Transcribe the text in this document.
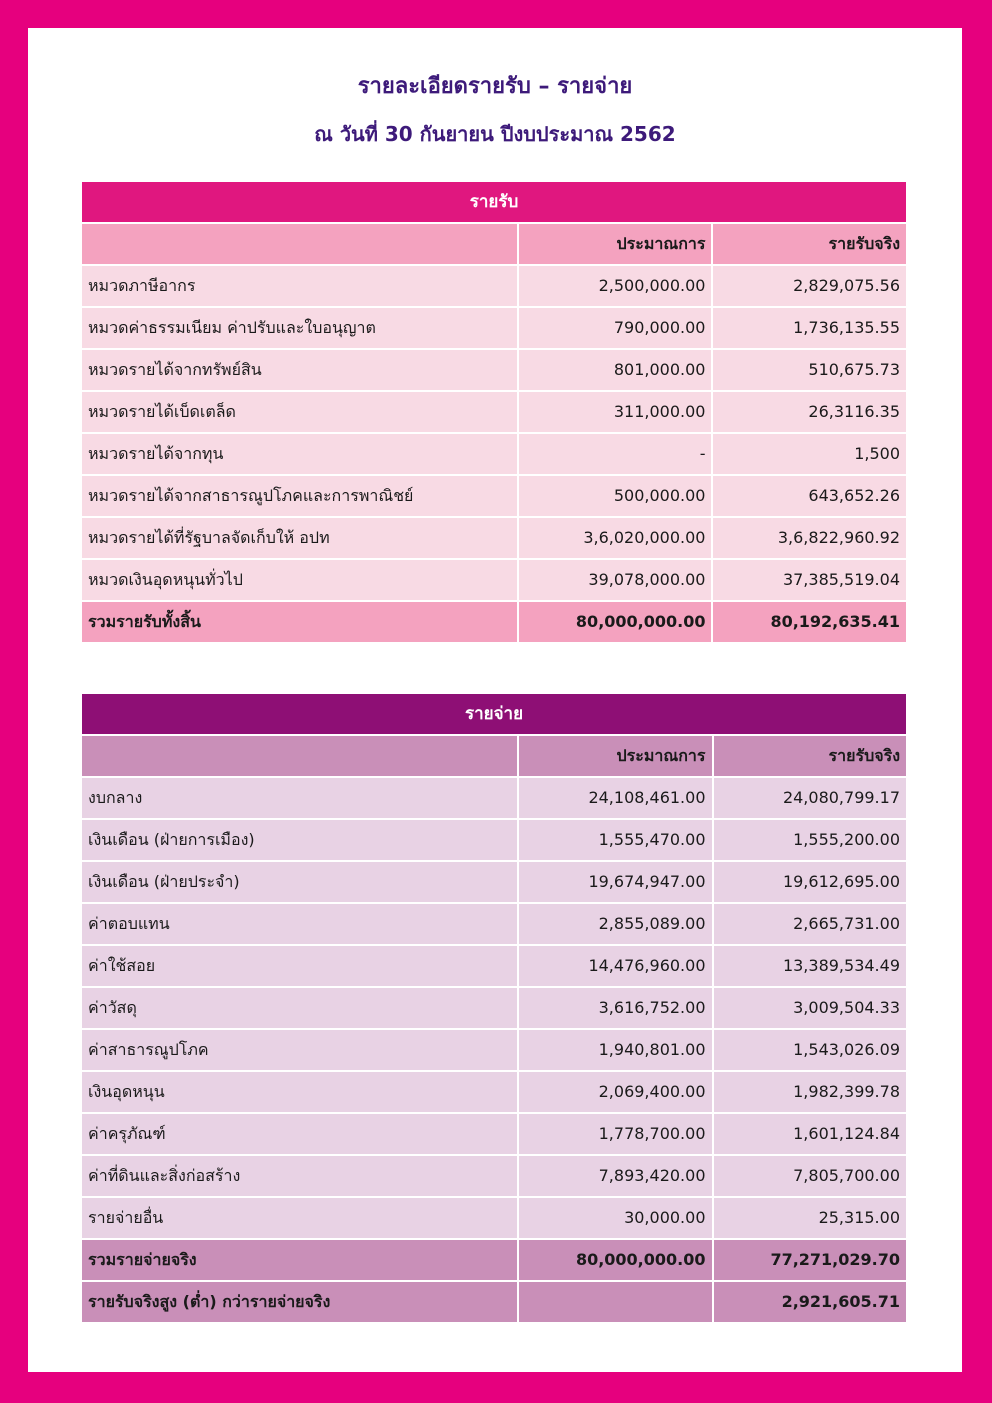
รายละเอียดรายรับ – รายจ่าย
ณ วันที่ 30 กันยายน ปีงบประมาณ 2562
รายรับ		
	ประมาณการ	รายรับจริง
หมวดภาษีอากร	2,500,000.00	2,829,075.56
หมวดค่าธรรมเนียม ค่าปรับและใบอนุญาต	790,000.00	1,736,135.55
หมวดรายได้จากทรัพย์สิน	801,000.00	510,675.73
หมวดรายได้เบ็ดเตล็ด	311,000.00	26,3116.35
หมวดรายได้จากทุน	-	1,500
หมวดรายได้จากสาธารณูปโภคและการพาณิชย์	500,000.00	643,652.26
หมวดรายได้ที่รัฐบาลจัดเก็บให้ อปท	3,6,020,000.00	3,6,822,960.92
หมวดเงินอุดหนุนทั่วไป	39,078,000.00	37,385,519.04
รวมรายรับทั้งสิ้น	80,000,000.00	80,192,635.41
รายจ่าย		
	ประมาณการ	รายรับจริง
งบกลาง	24,108,461.00	24,080,799.17
เงินเดือน (ฝ่ายการเมือง)	1,555,470.00	1,555,200.00
เงินเดือน (ฝ่ายประจำ)	19,674,947.00	19,612,695.00
ค่าตอบแทน	2,855,089.00	2,665,731.00
ค่าใช้สอย	14,476,960.00	13,389,534.49
ค่าวัสดุ	3,616,752.00	3,009,504.33
ค่าสาธารณูปโภค	1,940,801.00	1,543,026.09
เงินอุดหนุน	2,069,400.00	1,982,399.78
ค่าครุภัณฑ์	1,778,700.00	1,601,124.84
ค่าที่ดินและสิ่งก่อสร้าง	7,893,420.00	7,805,700.00
รายจ่ายอื่น	30,000.00	25,315.00
รวมรายจ่ายจริง	80,000,000.00	77,271,029.70
รายรับจริงสูง (ต่ำ) กว่ารายจ่ายจริง		2,921,605.71
